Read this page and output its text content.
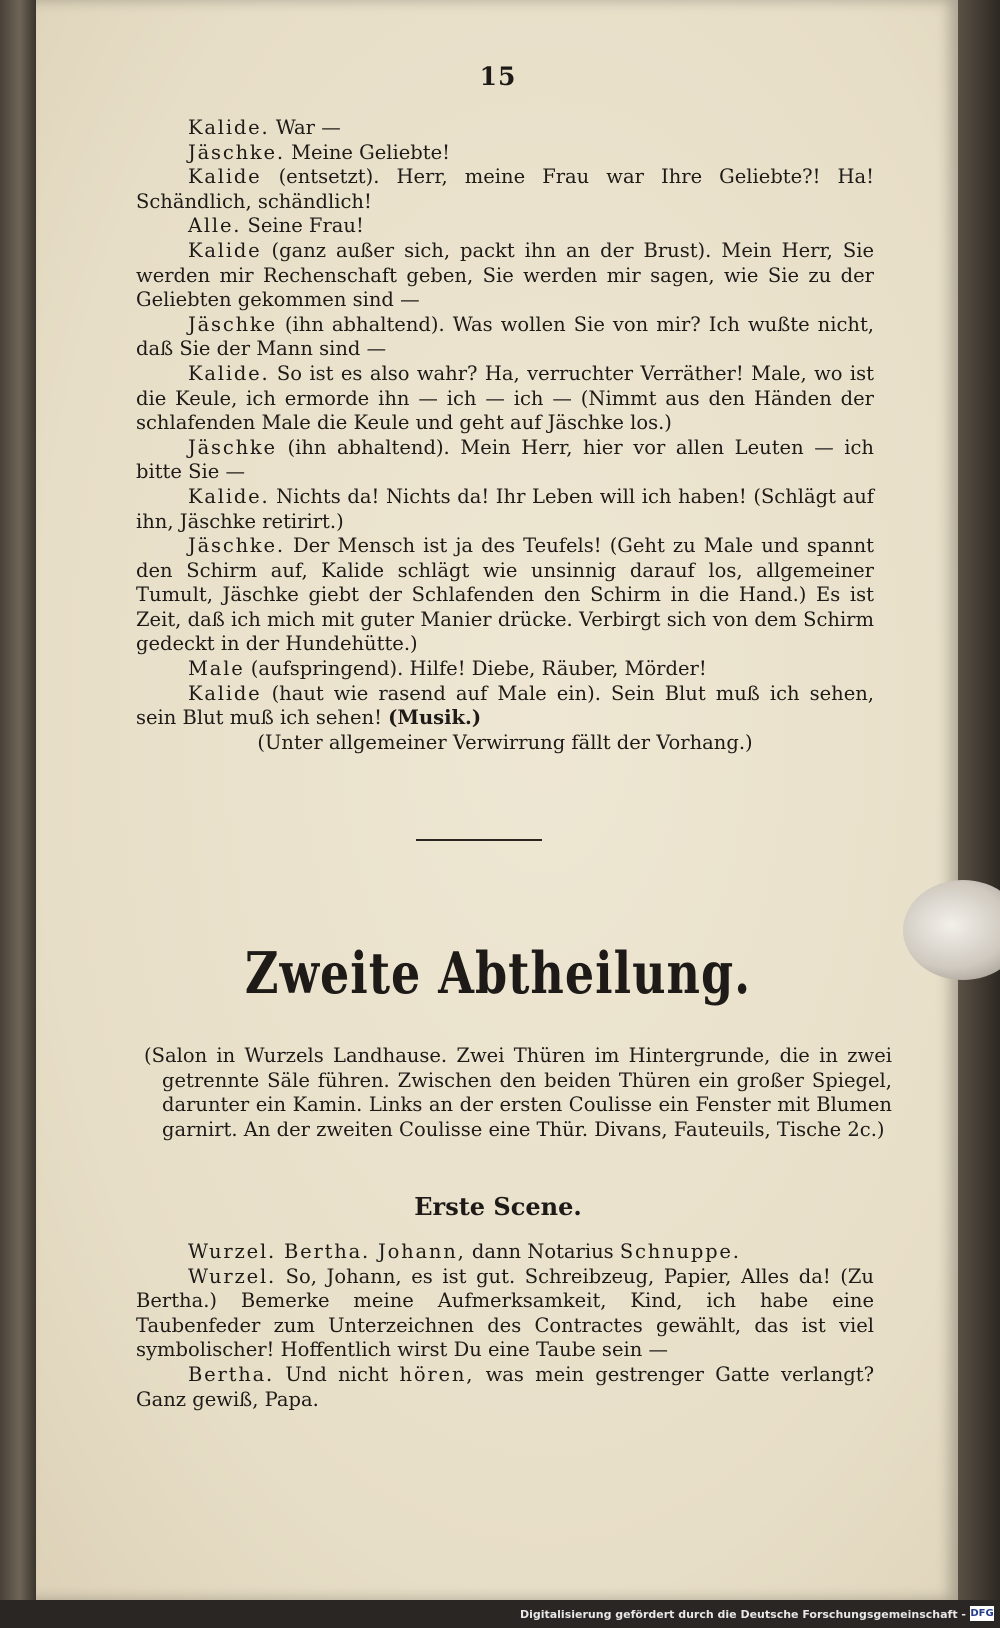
15

Kalide. War —

Jäschke. Meine Geliebte!

Kalide (entsetzt). Herr, meine Frau war Ihre Geliebte?! Ha! Schändlich, schändlich!

Alle. Seine Frau!

Kalide (ganz außer sich, packt ihn an der Brust). Mein Herr, Sie werden mir Rechenschaft geben, Sie werden mir sagen, wie Sie zu der Geliebten gekommen sind —

Jäschke (ihn abhaltend). Was wollen Sie von mir? Ich wußte nicht, daß Sie der Mann sind —

Kalide. So ist es also wahr? Ha, verruchter Verräther! Male, wo ist die Keule, ich ermorde ihn — ich — ich — (Nimmt aus den Händen der schlafenden Male die Keule und geht auf Jäschke los.)

Jäschke (ihn abhaltend). Mein Herr, hier vor allen Leuten — ich bitte Sie —

Kalide. Nichts da! Nichts da! Ihr Leben will ich haben! (Schlägt auf ihn, Jäschke retirirt.)

Jäschke. Der Mensch ist ja des Teufels! (Geht zu Male und spannt den Schirm auf, Kalide schlägt wie unsinnig darauf los, allgemeiner Tumult, Jäschke giebt der Schlafenden den Schirm in die Hand.) Es ist Zeit, daß ich mich mit guter Manier drücke. Verbirgt sich von dem Schirm gedeckt in der Hundehütte.)

Male (aufspringend). Hilfe! Diebe, Räuber, Mörder!

Kalide (haut wie rasend auf Male ein). Sein Blut muß ich sehen, sein Blut muß ich sehen! (Musik.)

(Unter allgemeiner Verwirrung fällt der Vorhang.)

Zweite Abtheilung.
(Salon in Wurzels Landhause. Zwei Thüren im Hintergrunde, die in zwei getrennte Säle führen. Zwischen den beiden Thüren ein großer Spiegel, darunter ein Kamin. Links an der ersten Coulisse ein Fenster mit Blumen garnirt. An der zweiten Coulisse eine Thür. Divans, Fauteuils, Tische 2c.)
Erste Scene.

Wurzel. Bertha. Johann, dann Notarius Schnuppe.

Wurzel. So, Johann, es ist gut. Schreibzeug, Papier, Alles da! (Zu Bertha.) Bemerke meine Aufmerksamkeit, Kind, ich habe eine Taubenfeder zum Unterzeichnen des Contractes gewählt, das ist viel symbolischer! Hoffentlich wirst Du eine Taube sein —

Bertha. Und nicht hören, was mein gestrenger Gatte verlangt? Ganz gewiß, Papa.

Digitalisierung gefördert durch die Deutsche Forschungsgemeinschaft - DFG
